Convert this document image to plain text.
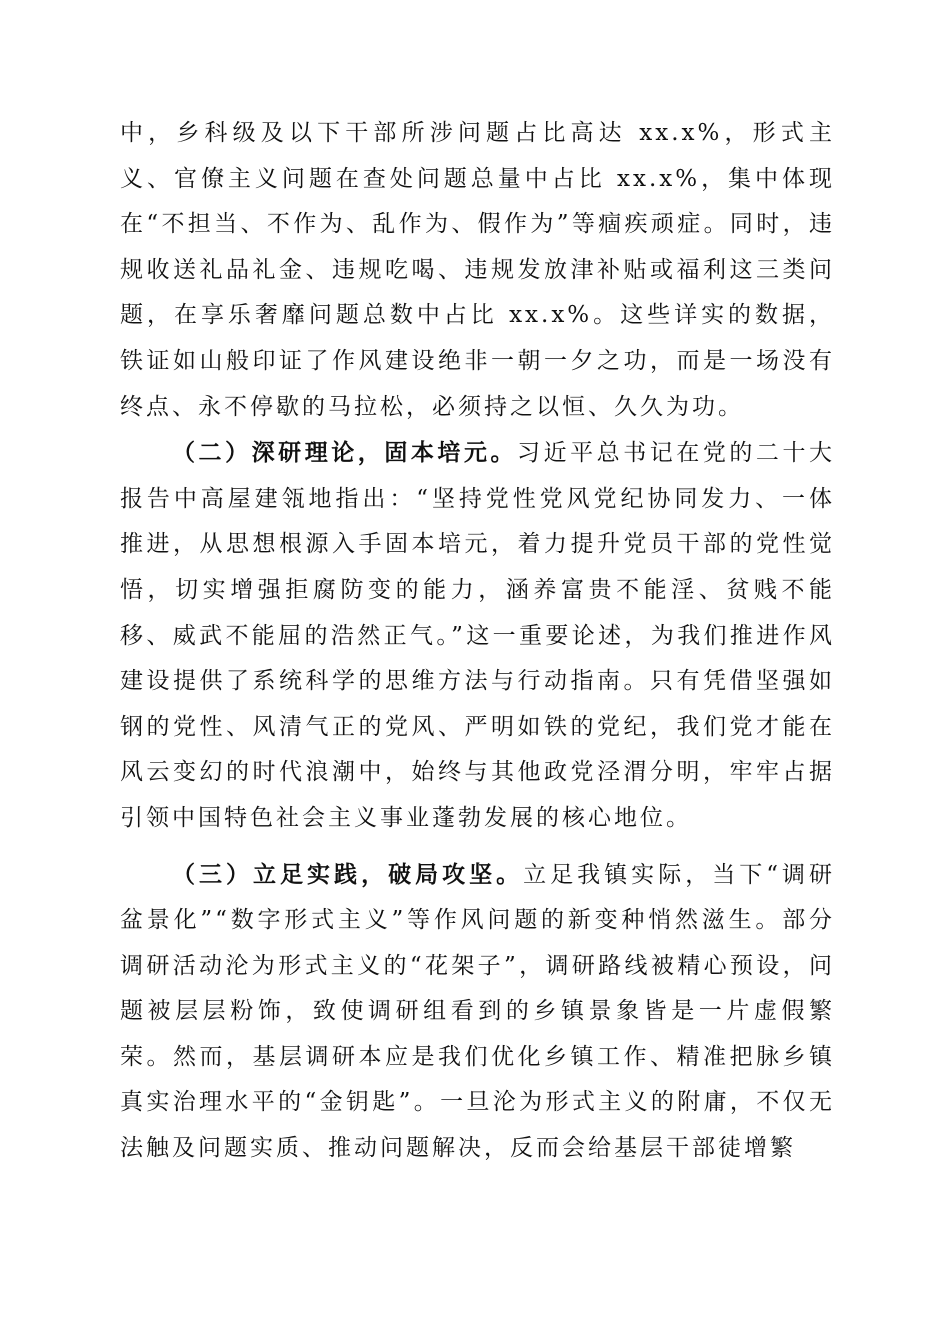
中，乡科级及以下干部所涉问题占比高达 xx.x%，形式主义、官僚主义问题在查处问题总量中占比 xx.x%，集中体现在“不担当、不作为、乱作为、假作为”等痼疾顽症。同时，违规收送礼品礼金、违规吃喝、违规发放津补贴或福利这三类问题，在享乐奢靡问题总数中占比 xx.x%。这些详实的数据，铁证如山般印证了作风建设绝非一朝一夕之功，而是一场没有终点、永不停歇的马拉松，必须持之以恒、久久为功。

（二）深研理论，固本培元。习近平总书记在党的二十大报告中高屋建瓴地指出：“坚持党性党风党纪协同发力、一体推进，从思想根源入手固本培元，着力提升党员干部的党性觉悟，切实增强拒腐防变的能力，涵养富贵不能淫、贫贱不能移、威武不能屈的浩然正气。”这一重要论述，为我们推进作风建设提供了系统科学的思维方法与行动指南。只有凭借坚强如钢的党性、风清气正的党风、严明如铁的党纪，我们党才能在风云变幻的时代浪潮中，始终与其他政党泾渭分明，牢牢占据引领中国特色社会主义事业蓬勃发展的核心地位。

（三）立足实践，破局攻坚。立足我镇实际，当下“调研盆景化”“数字形式主义”等作风问题的新变种悄然滋生。部分调研活动沦为形式主义的“花架子”，调研路线被精心预设，问题被层层粉饰，致使调研组看到的乡镇景象皆是一片虚假繁荣。然而，基层调研本应是我们优化乡镇工作、精准把脉乡镇真实治理水平的“金钥匙”。一旦沦为形式主义的附庸，不仅无法触及问题实质、推动问题解决，反而会给基层干部徒增繁
